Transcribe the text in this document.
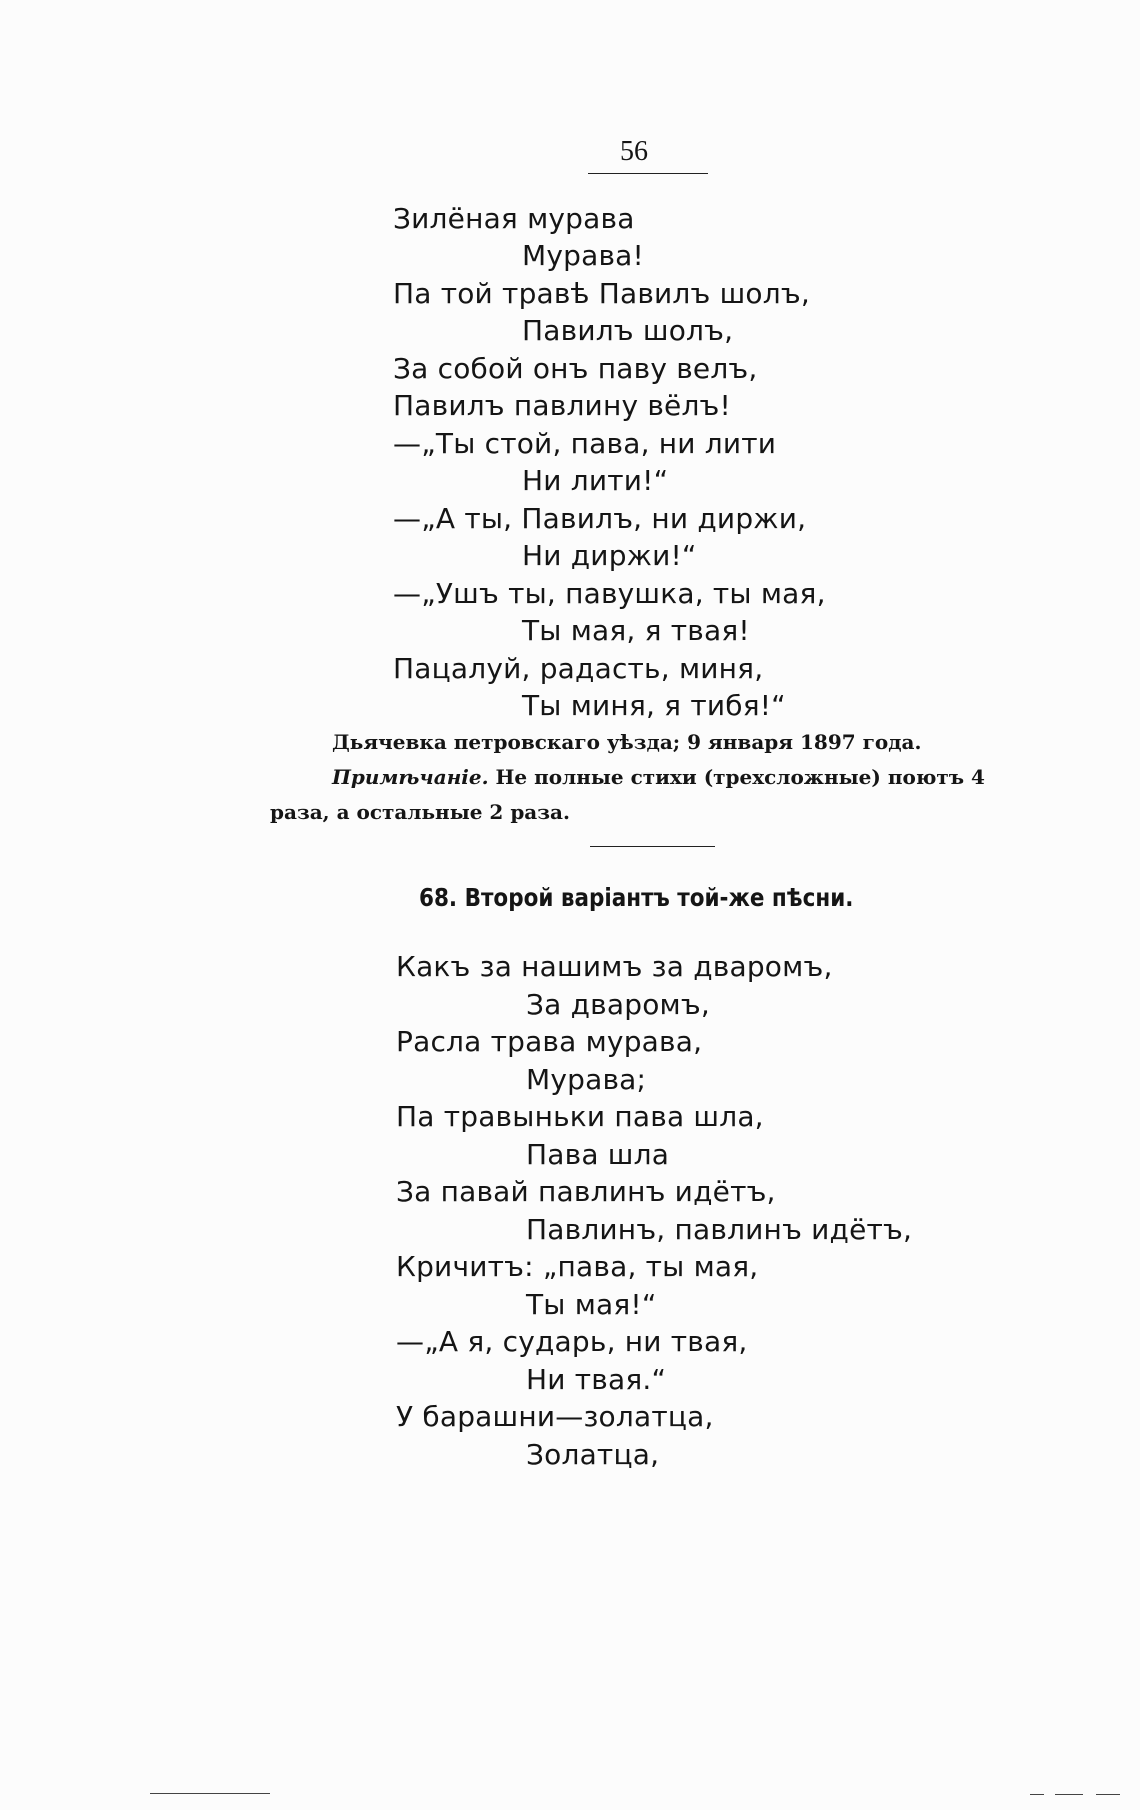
56
Зилёная мурава
Мурава!
Па той травѣ Павилъ шолъ,
Павилъ шолъ,
За собой онъ паву велъ,
Павилъ павлину вёлъ!
—„Ты стой, пава, ни лити
Ни лити!“
—„А ты, Павилъ, ни диржи,
Ни диржи!“
—„Ушъ ты, павушка, ты мая,
Ты мая, я твая!
Пацалуй, радасть, миня,
Ты миня, я тибя!“
Дьячевка петровскаго уѣзда; 9 января 1897 года.
Примѣчаніе. Не полные стихи (трехсложные) поютъ 4 раза, а остальные 2 раза.
68. Второй варіантъ той-же пѣсни.
Какъ за нашимъ за дваромъ,
За дваромъ,
Расла трава мурава,
Мурава;
Па травыньки пава шла,
Пава шла
За павай павлинъ идётъ,
Павлинъ, павлинъ идётъ,
Кричитъ: „пава, ты мая,
Ты мая!“
—„А я, сударь, ни твая,
Ни твая.“
У барашни—золатца,
Золатца,
